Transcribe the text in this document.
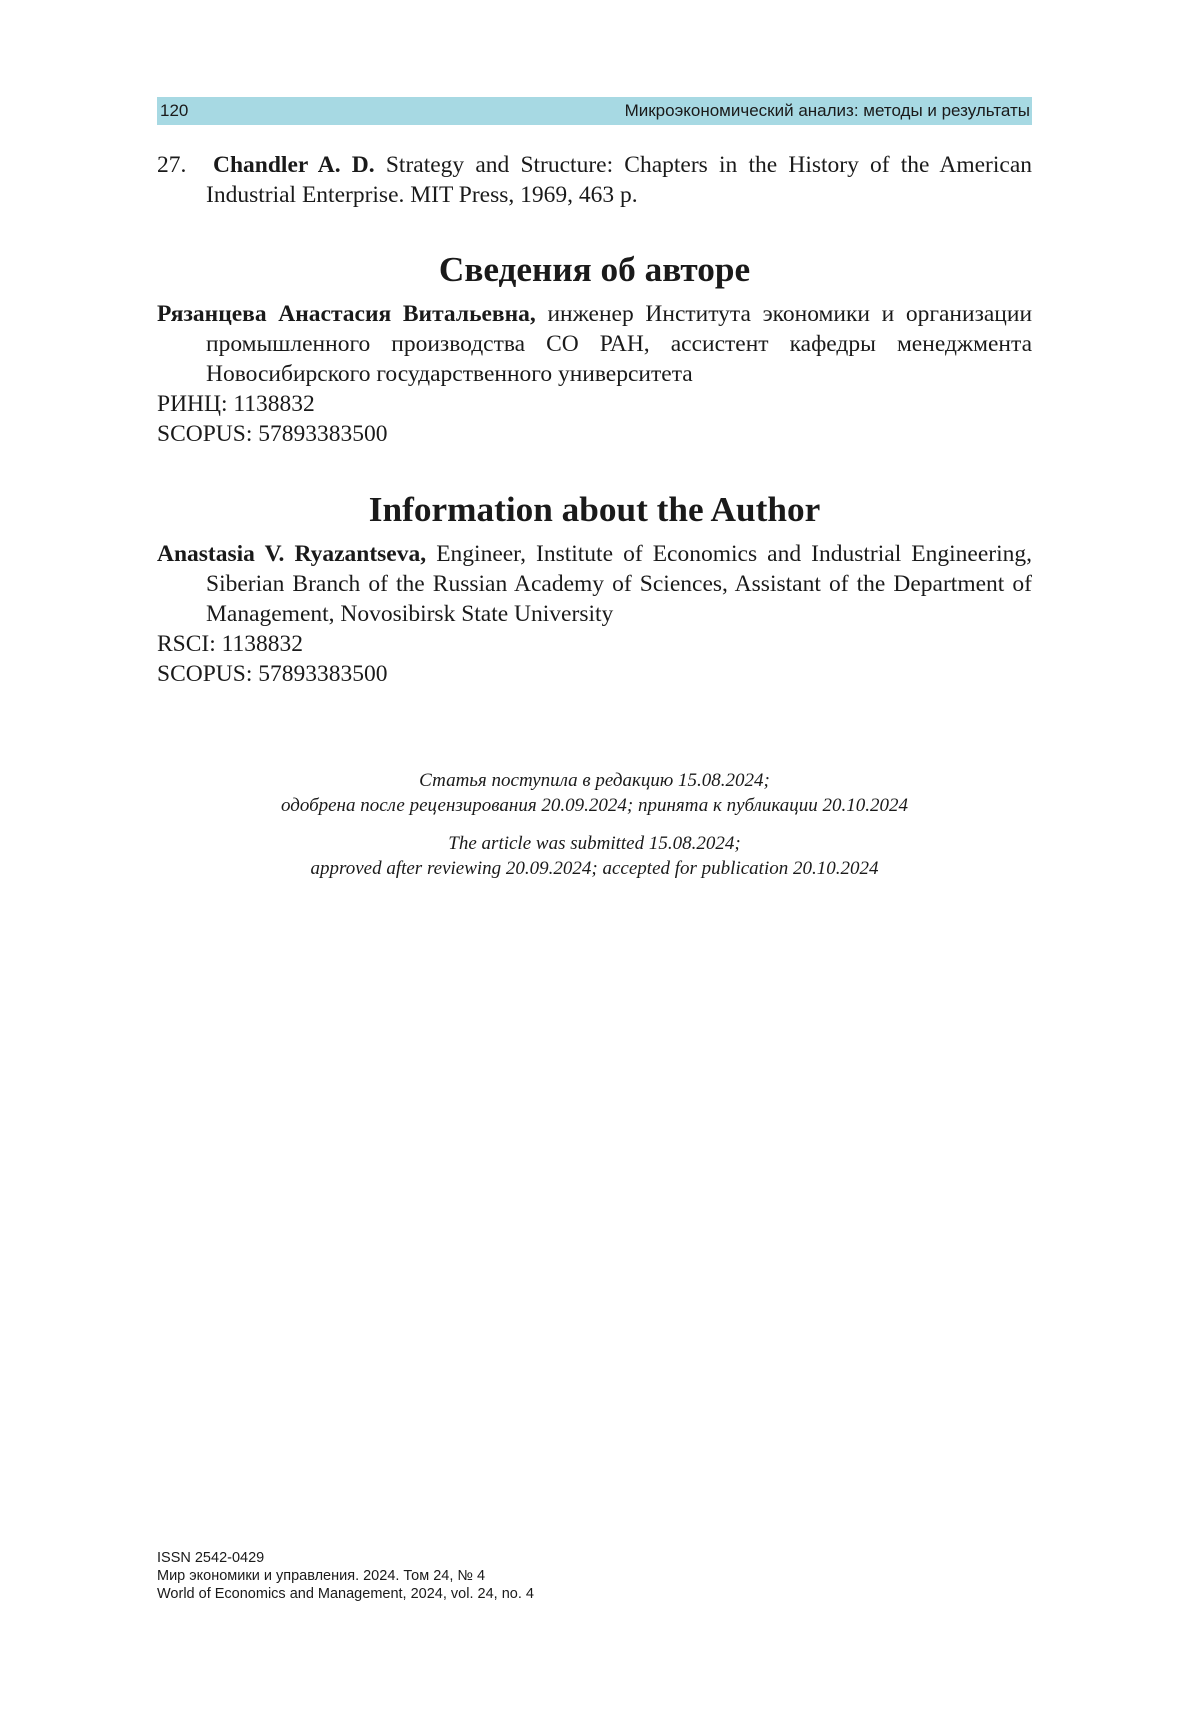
120	Микроэкономический анализ: методы и результаты

27. Chandler A. D. Strategy and Structure: Chapters in the History of the American Industrial Enterprise. MIT Press, 1969, 463 p.

Сведения об авторе
Рязанцева Анастасия Витальевна, инженер Института экономики и организации промышленного производства СО РАН, ассистент кафедры менеджмента Новосибирского государственного университета
РИНЦ: 1138832
SCOPUS: 57893383500
Information about the Author
Anastasia V. Ryazantseva, Engineer, Institute of Economics and Industrial Engineering, Siberian Branch of the Russian Academy of Sciences, Assistant of the Department of Management, Novosibirsk State University
RSCI: 1138832
SCOPUS: 57893383500
Статья поступила в редакцию 15.08.2024;
одобрена после рецензирования 20.09.2024; принята к публикации 20.10.2024
The article was submitted 15.08.2024;
approved after reviewing 20.09.2024; accepted for publication 20.10.2024
ISSN 2542-0429
Мир экономики и управления. 2024. Том 24, № 4
World of Economics and Management, 2024, vol. 24, no. 4
